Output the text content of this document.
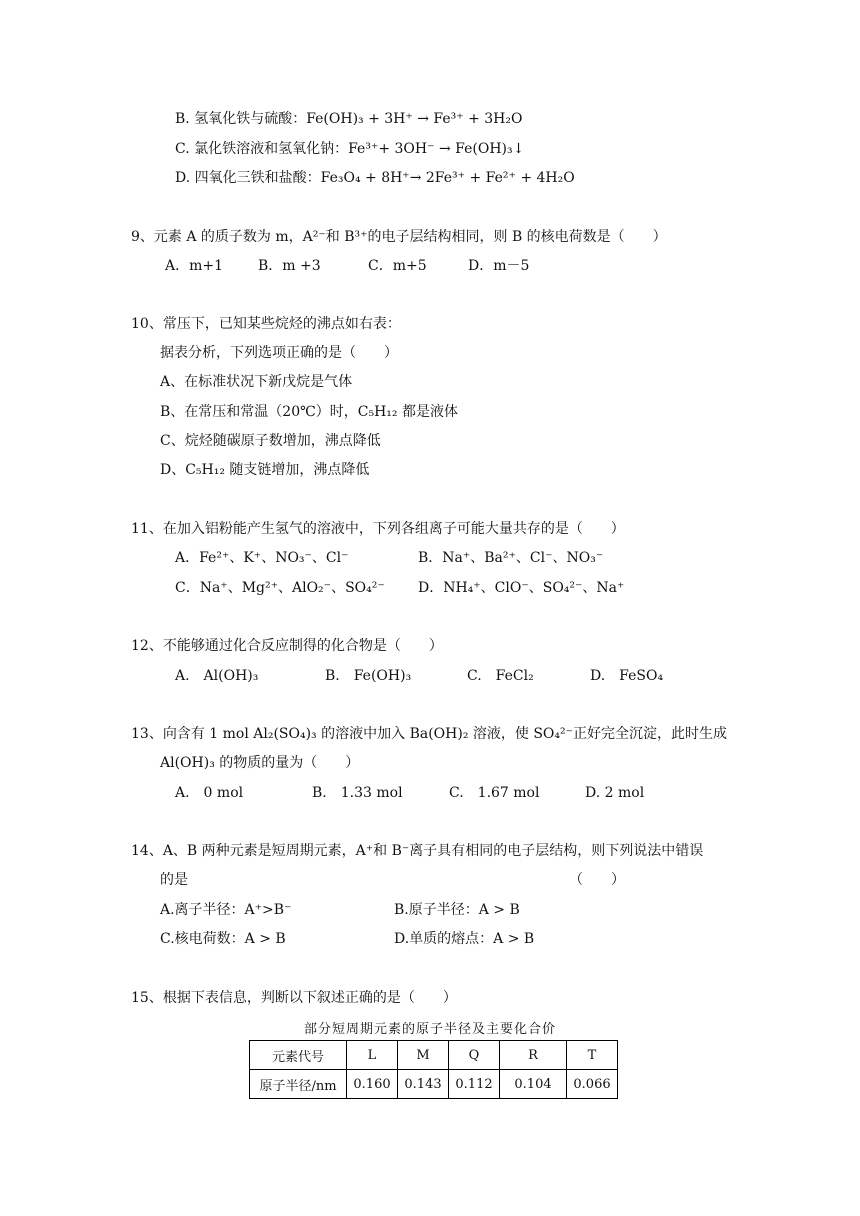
B. 氢氧化铁与硫酸：Fe(OH)₃ + 3H⁺ → Fe³⁺ + 3H₂O
C. 氯化铁溶液和氢氧化钠：Fe³⁺+ 3OH⁻ → Fe(OH)₃↓
D. 四氧化三铁和盐酸：Fe₃O₄ + 8H⁺→ 2Fe³⁺ + Fe²⁺ + 4H₂O
9、元素 A 的质子数为 m，A²⁻和 B³⁺的电子层结构相同，则 B 的核电荷数是（　　）
A．m+1 B．m +3	C．m+5	D．m－5
10、常压下，已知某些烷烃的沸点如右表：
据表分析，下列选项正确的是（　　）
A、在标准状况下新戊烷是气体
B、在常压和常温（20℃）时，C₅H₁₂ 都是液体
C、烷烃随碳原子数增加，沸点降低
D、C₅H₁₂ 随支链增加，沸点降低
11、在加入铝粉能产生氢气的溶液中，下列各组离子可能大量共存的是（　　）
A．Fe²⁺、K⁺、NO₃⁻、Cl⁻	B．Na⁺、Ba²⁺、Cl⁻、NO₃⁻
C．Na⁺、Mg²⁺、AlO₂⁻、SO₄²⁻ D．NH₄⁺、ClO⁻、SO₄²⁻、Na⁺
12、不能够通过化合反应制得的化合物是（　　）
A.　Al(OH)₃	B.　Fe(OH)₃	C.　FeCl₂	D.　FeSO₄
13、向含有 1 mol Al₂(SO₄)₃ 的溶液中加入 Ba(OH)₂ 溶液，使 SO₄²⁻正好完全沉淀，此时生成
Al(OH)₃ 的物质的量为（　　）
A.　0 mol	B.　1.33 mol	C.　1.67 mol	D. 2 mol
14、A、B 两种元素是短周期元素，A⁺和 B⁻离子具有相同的电子层结构，则下列说法中错误
的是	（　　）
A.离子半径：A⁺>B⁻	B.原子半径：A > B
C.核电荷数：A > B	D.单质的熔点：A > B
15、根据下表信息，判断以下叙述正确的是（　　）
部分短周期元素的原子半径及主要化合价
元素代号	L	M	Q	R	T
原子半径/nm	0.160	0.143	0.112	0.104	0.066
